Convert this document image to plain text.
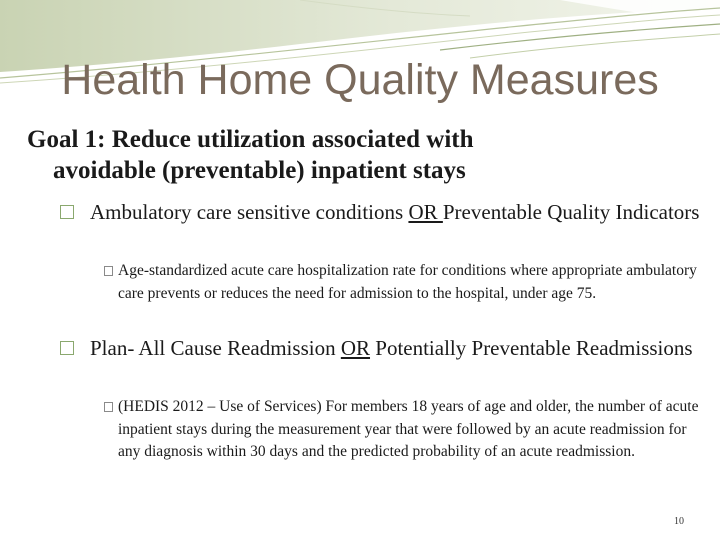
Health Home Quality Measures
Goal 1: Reduce utilization associated with
avoidable (preventable) inpatient stays
Ambulatory care sensitive conditions OR Preventable Quality Indicators
Age-standardized acute care hospitalization rate for conditions where appropriate ambulatory care prevents or reduces the need for admission to the hospital, under age 75.
Plan- All Cause Readmission OR Potentially Preventable Readmissions
(HEDIS 2012 – Use of Services) For members 18 years of age and older, the number of acute inpatient stays during the measurement year that were followed by an acute readmission for any diagnosis within 30 days and the predicted probability of an acute readmission.
10
